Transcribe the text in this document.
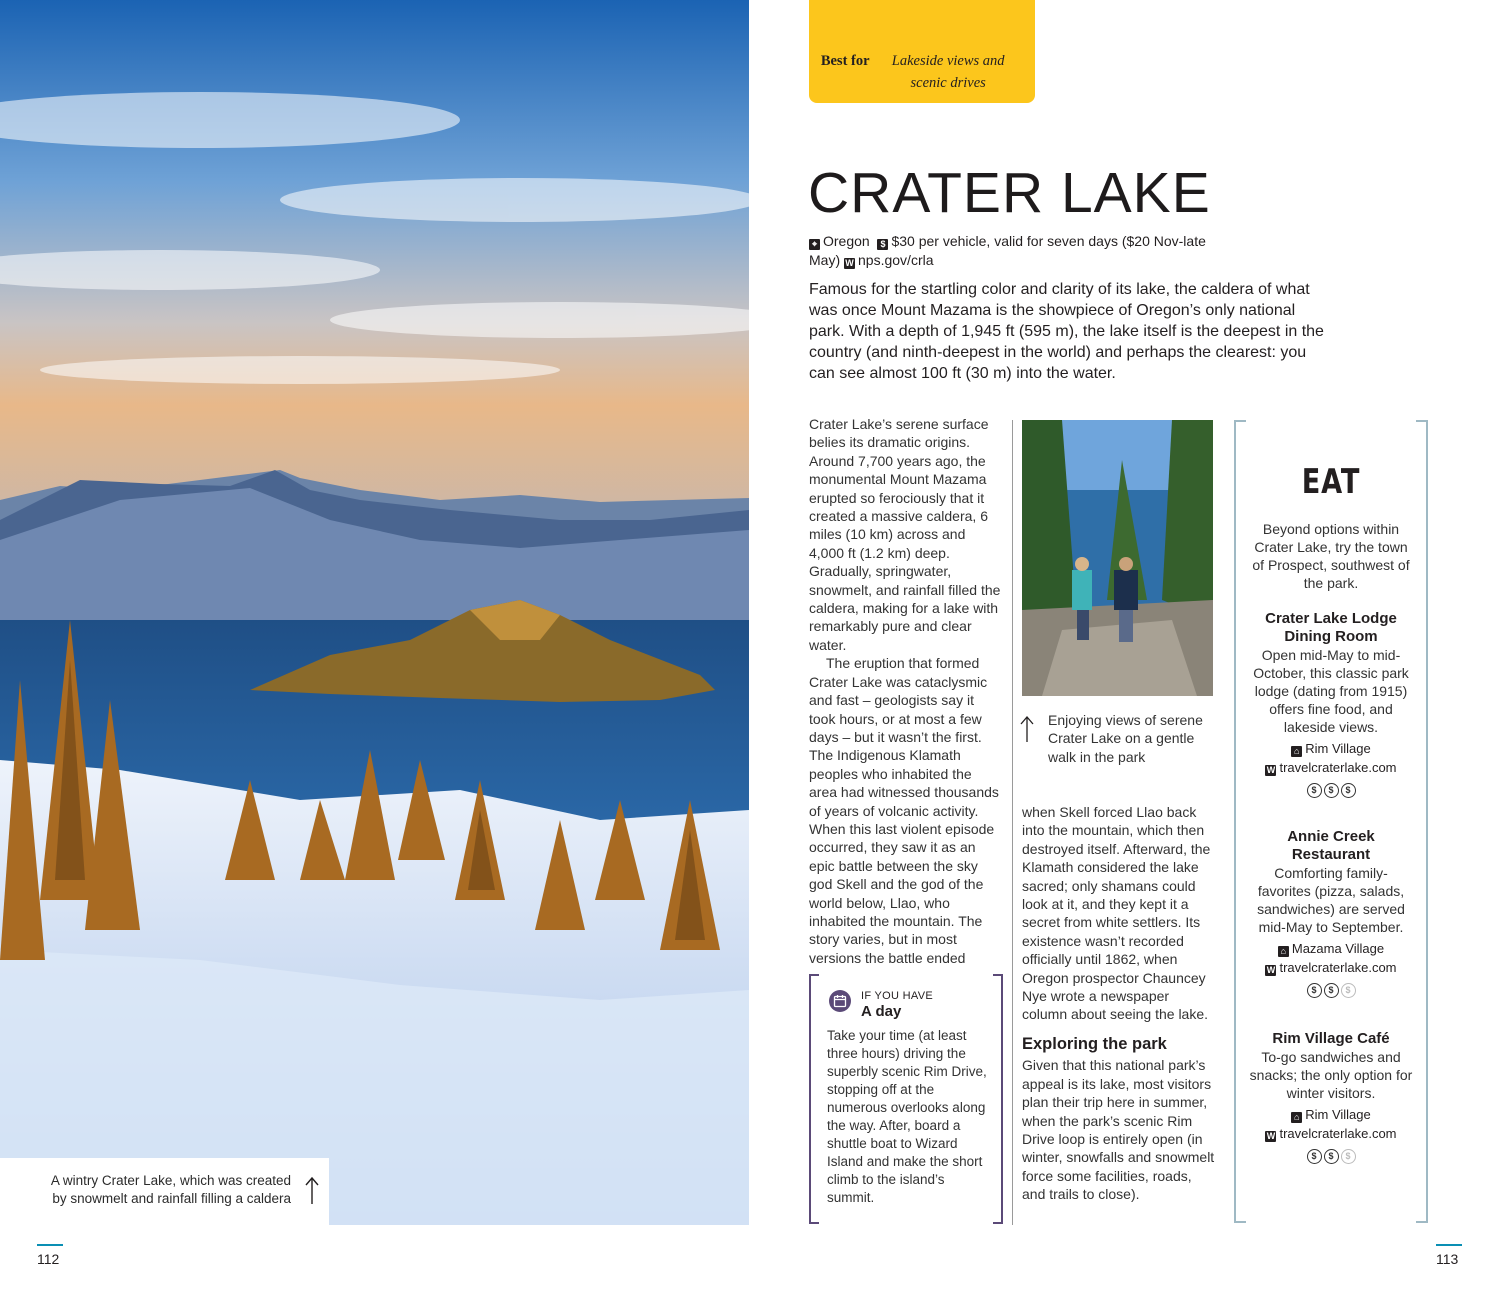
A wintry Crater Lake, which was created by snowmelt and rainfall filling a caldera
112
Best for Lakeside views and scenic drives
CRATER LAKE
⌖ Oregon $ $30 per vehicle, valid for seven days ($20 Nov-late May) W nps.gov/crla
Famous for the startling color and clarity of its lake, the caldera of what was once Mount Mazama is the showpiece of Oregon’s only national park. With a depth of 1,945 ft (595 m), the lake itself is the deepest in the country (and ninth-deepest in the world) and perhaps the clearest: you can see almost 100 ft (30 m) into the water.

Crater Lake’s serene surface belies its dramatic origins. Around 7,700 years ago, the monumental Mount Mazama erupted so ferociously that it created a massive caldera, 6 miles (10 km) across and 4,000 ft (1.2 km) deep. Gradually, springwater, snowmelt, and rainfall filled the caldera, making for a lake with remarkably pure and clear water.

The eruption that formed Crater Lake was cataclysmic and fast – geologists say it took hours, or at most a few days – but it wasn’t the first. The Indigenous Klamath peoples who inhabited the area had witnessed thousands of years of volcanic activity. When this last violent episode occurred, they saw it as an epic battle between the sky god Skell and the god of the world below, Llao, who inhabited the mountain. The story varies, but in most versions the battle ended

IF YOU HAVE
A day
Take your time (at least three hours) driving the superbly scenic Rim Drive, stopping off at the numerous overlooks along the way. After, board a shuttle boat to Wizard Island and make the short climb to the island’s summit.
Enjoying views of serene Crater Lake on a gentle walk in the park

when Skell forced Llao back into the mountain, which then destroyed itself. Afterward, the Klamath considered the lake sacred; only shamans could look at it, and they kept it a secret from white settlers. Its existence wasn’t recorded officially until 1862, when Oregon prospector Chauncey Nye wrote a newspaper column about seeing the lake.

Exploring the park

Given that this national park’s appeal is its lake, most visitors plan their trip here in summer, when the park’s scenic Rim Drive loop is entirely open (in winter, snowfalls and snowmelt force some facilities, roads, and trails to close).

EAT
Beyond options within Crater Lake, try the town of Prospect, southwest of the park.
Crater Lake Lodge Dining Room
Open mid-May to mid-October, this classic park lodge (dating from 1915) offers fine food, and lakeside views.
⌂ Rim Village
W travelcraterlake.com
$	$	$
Annie Creek Restaurant
Comforting family-favorites (pizza, salads, sandwiches) are served mid-May to September.
⌂ Mazama Village
W travelcraterlake.com
$	$	$
Rim Village Café
To-go sandwiches and snacks; the only option for winter visitors.
⌂ Rim Village
W travelcraterlake.com
$	$	$
113
